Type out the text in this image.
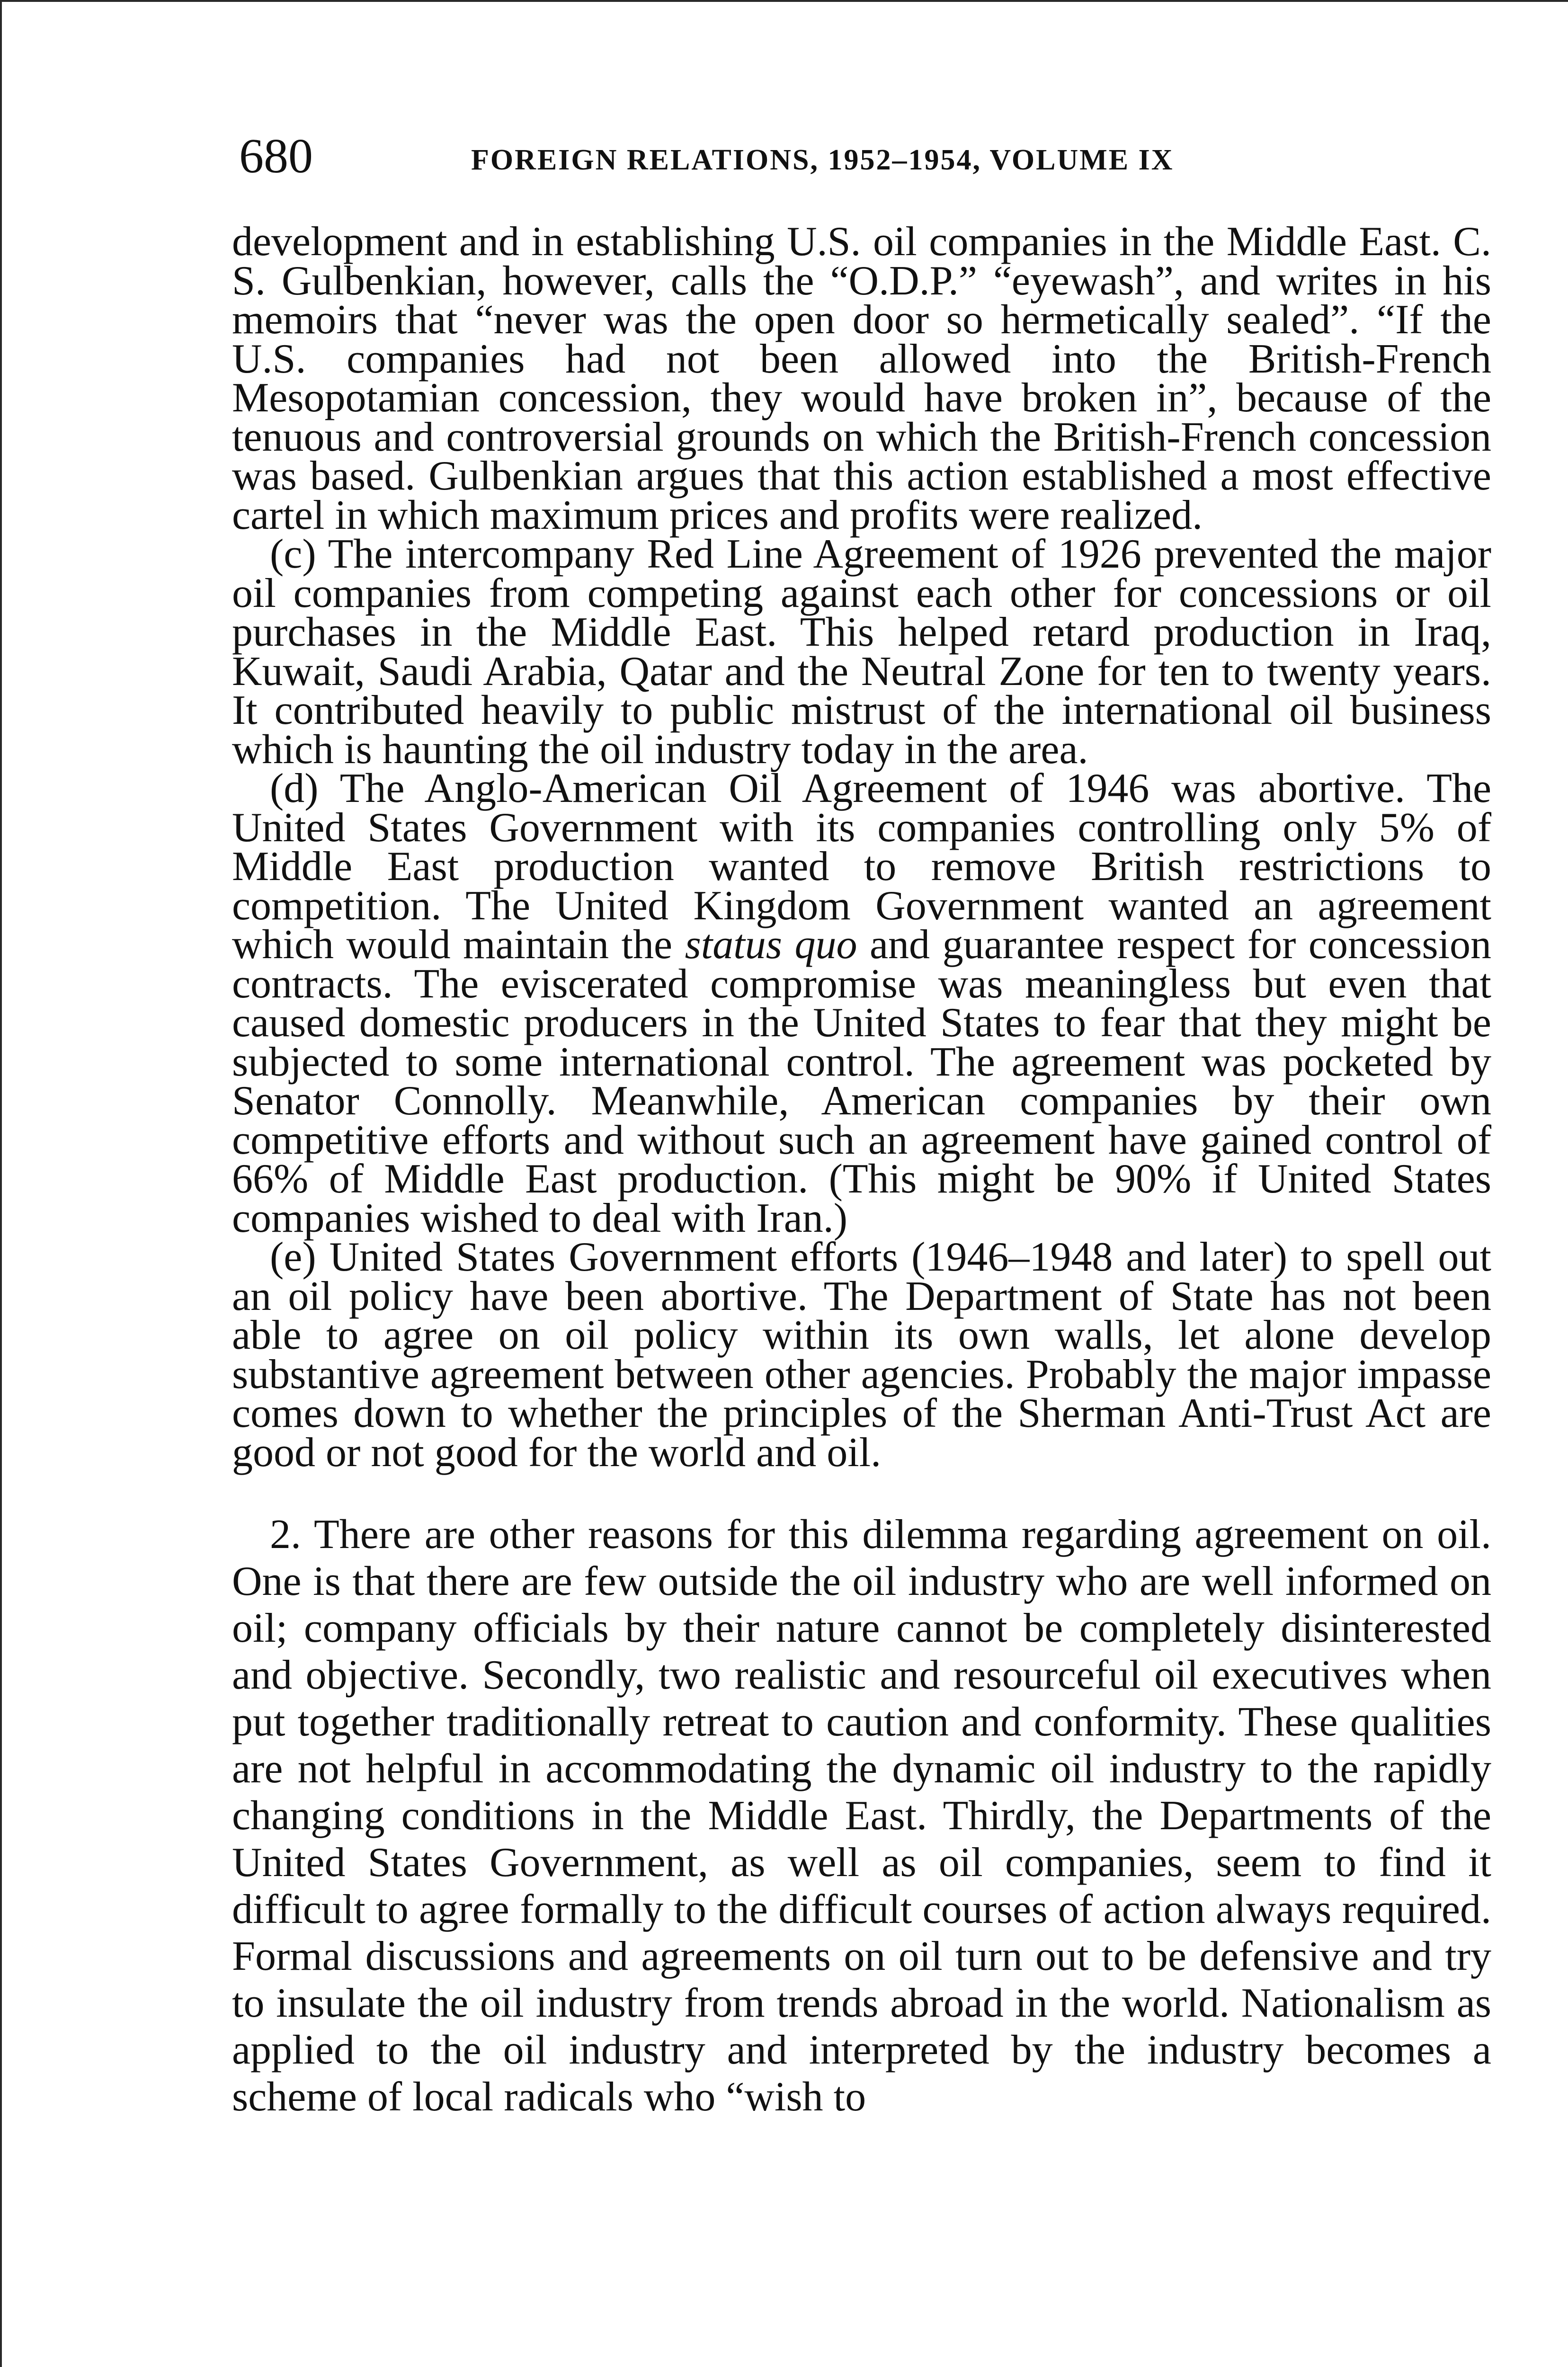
680	FOREIGN RELATIONS, 1952–1954, VOLUME IX

development and in establishing U.S. oil companies in the Middle East. C. S. Gulbenkian, however, calls the “O.D.P.” “eyewash”, and writes in his memoirs that “never was the open door so hermetically sealed”. “If the U.S. companies had not been allowed into the British-French Mesopotamian concession, they would have broken in”, because of the tenuous and controversial grounds on which the British-French concession was based. Gulbenkian argues that this action established a most effective cartel in which maximum prices and profits were realized.

(c) The intercompany Red Line Agreement of 1926 prevented the major oil companies from competing against each other for concessions or oil purchases in the Middle East. This helped retard production in Iraq, Kuwait, Saudi Arabia, Qatar and the Neutral Zone for ten to twenty years. It contributed heavily to public mistrust of the international oil business which is haunting the oil industry today in the area.

(d) The Anglo-American Oil Agreement of 1946 was abortive. The United States Government with its companies controlling only 5% of Middle East production wanted to remove British restrictions to competition. The United Kingdom Government wanted an agreement which would maintain the status quo and guarantee respect for concession contracts. The eviscerated compromise was meaningless but even that caused domestic producers in the United States to fear that they might be subjected to some international control. The agreement was pocketed by Senator Connolly. Meanwhile, American companies by their own competitive efforts and without such an agreement have gained control of 66% of Middle East production. (This might be 90% if United States companies wished to deal with Iran.)

(e) United States Government efforts (1946–1948 and later) to spell out an oil policy have been abortive. The Department of State has not been able to agree on oil policy within its own walls, let alone develop substantive agreement between other agencies. Probably the major impasse comes down to whether the principles of the Sherman Anti-Trust Act are good or not good for the world and oil.

2. There are other reasons for this dilemma regarding agreement on oil. One is that there are few outside the oil industry who are well informed on oil; company officials by their nature cannot be completely disinterested and objective. Secondly, two realistic and resourceful oil executives when put together traditionally retreat to caution and conformity. These qualities are not helpful in accommodating the dynamic oil industry to the rapidly changing conditions in the Middle East. Thirdly, the Departments of the United States Government, as well as oil companies, seem to find it difficult to agree formally to the difficult courses of action always required. Formal discussions and agreements on oil turn out to be defensive and try to insulate the oil industry from trends abroad in the world. Nationalism as applied to the oil industry and interpreted by the industry becomes a scheme of local radicals who “wish to
